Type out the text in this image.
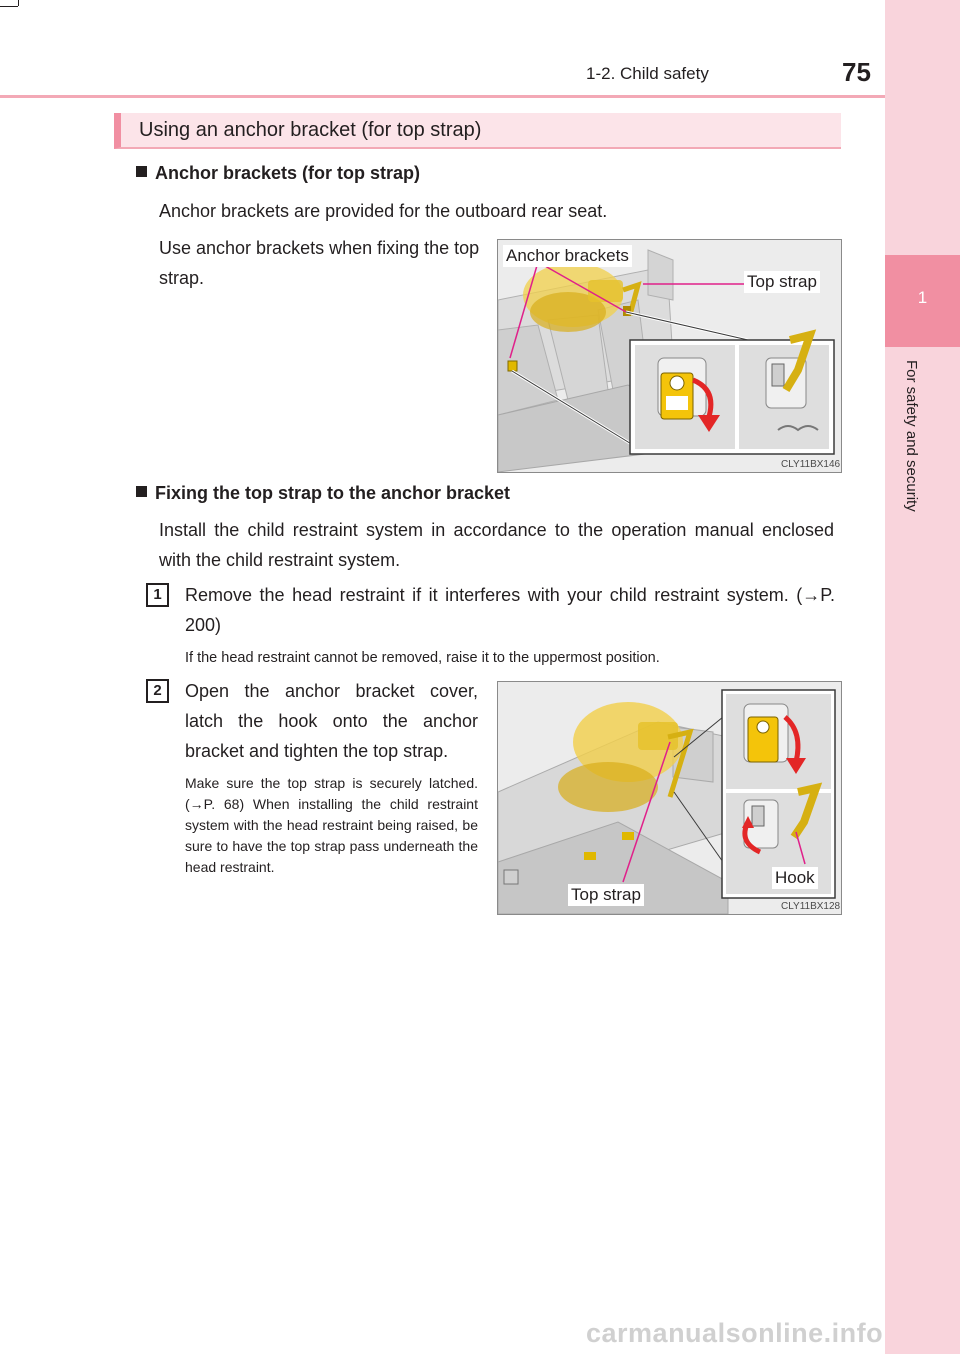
1-2. Child safety	75
1
For safety and security
Using an anchor bracket (for top strap)
Anchor brackets (for top strap)
Anchor brackets are provided for the outboard rear seat.
Use anchor brackets when fixing the top strap.
Anchor brackets
Top strap
CLY11BX146
Fixing the top strap to the anchor bracket
Install the child restraint system in accordance to the operation manual enclosed with the child restraint system.
1	Remove the head restraint if it interferes with your child restraint system. (→P. 200)
If the head restraint cannot be removed, raise it to the uppermost position.
2	Open the anchor bracket cover, latch the hook onto the anchor bracket and tighten the top strap.
Make sure the top strap is securely latched. (→P. 68) When installing the child restraint system with the head restraint being raised, be sure to have the top strap pass underneath the head restraint.
Top strap
Hook
CLY11BX128
carmanualsonline.info
